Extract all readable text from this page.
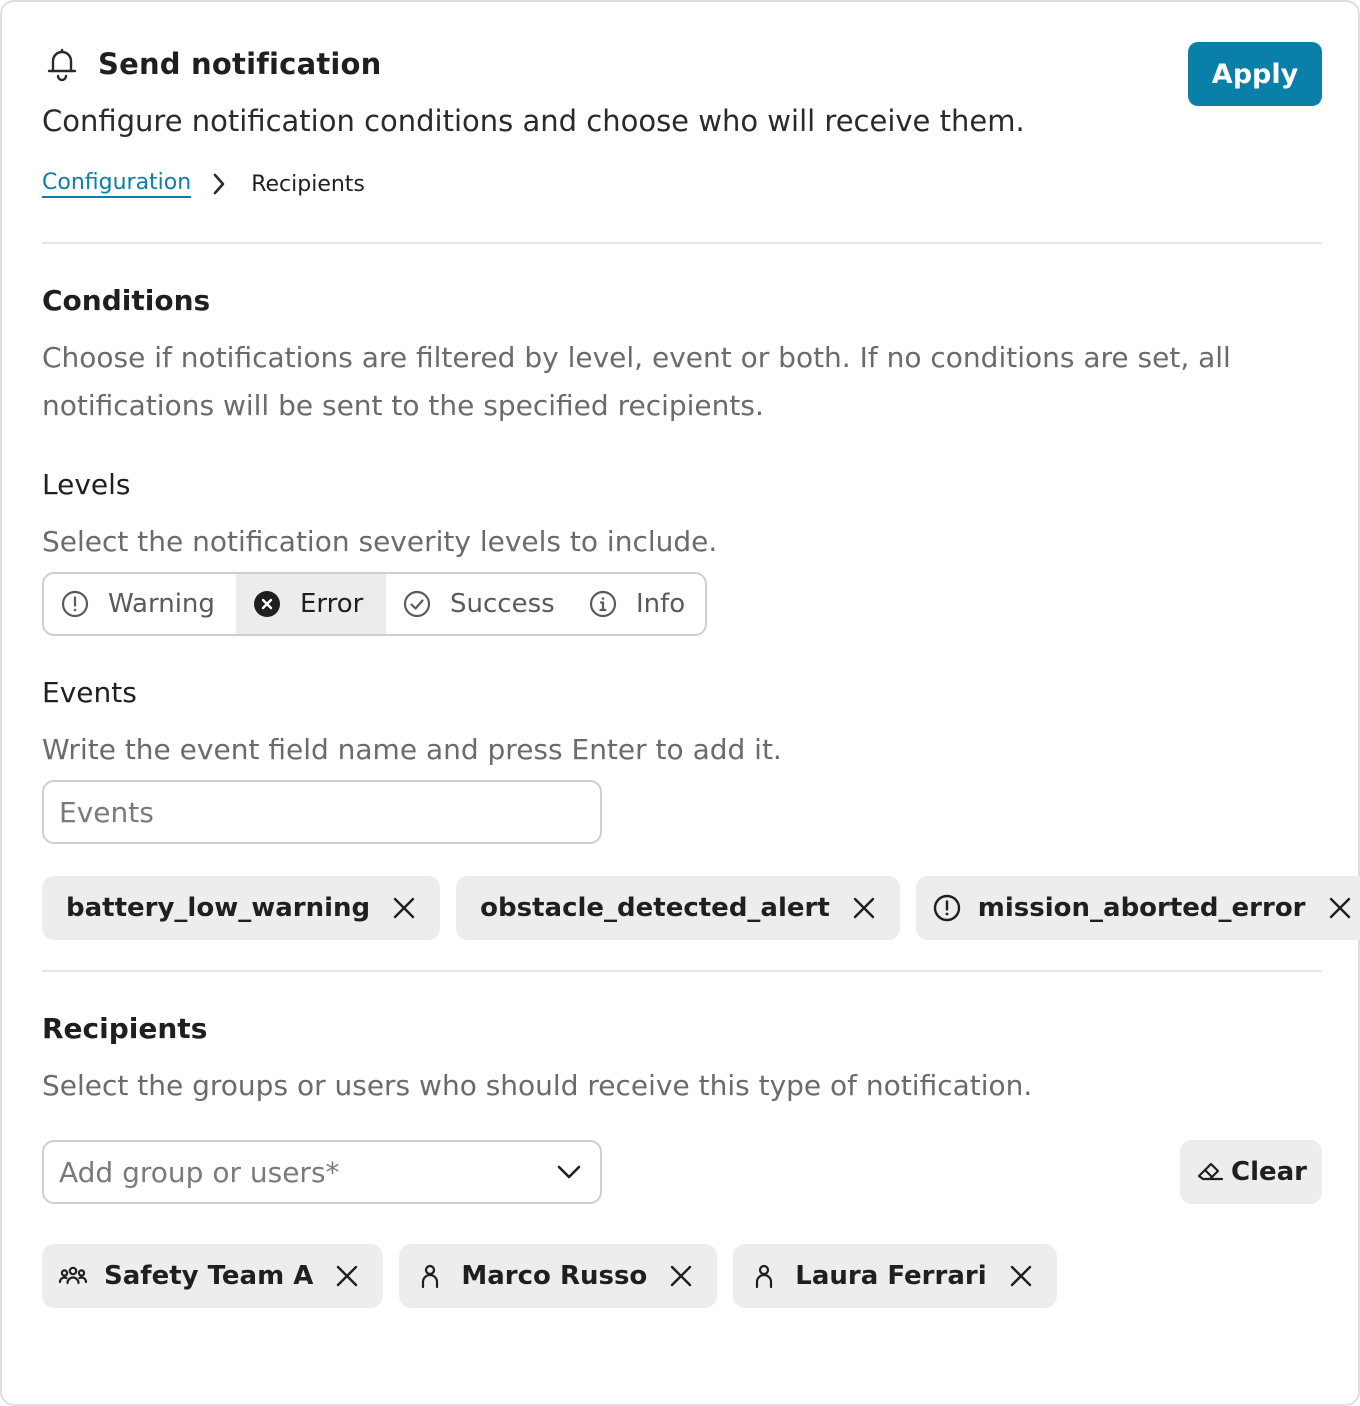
Send notification	Apply
Configure notification conditions and choose who will receive them.
Configuration	Recipients
Conditions
Choose if notifications are filtered by level, event or both. If no conditions are set, all notifications will be sent to the specified recipients.
Levels
Select the notification severity levels to include.
Warning	Error	Success	Info
Events
Write the event field name and press Enter to add it.
Events
battery_low_warning	obstacle_detected_alert	mission_aborted_error
Recipients
Select the groups or users who should receive this type of notification.
Add group or users*	Clear
Safety Team A	Marco Russo	Laura Ferrari
